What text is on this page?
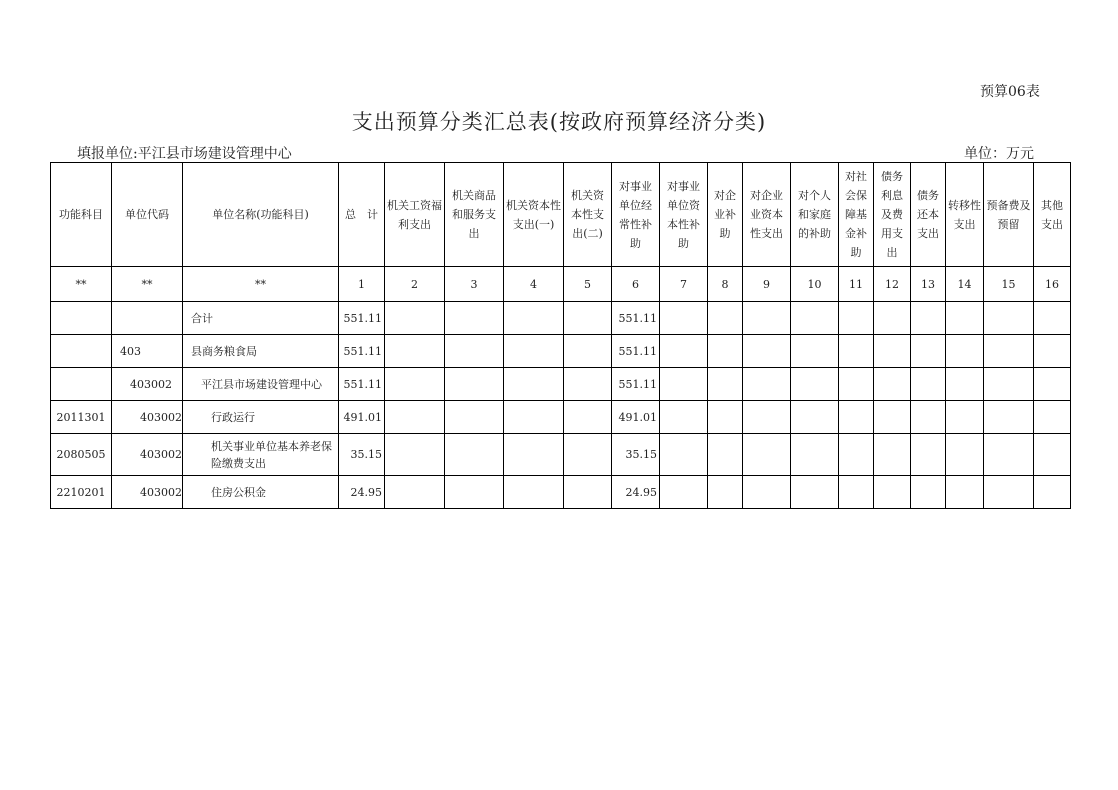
预算06表
支出预算分类汇总表(按政府预算经济分类)
填报单位:平江县市场建设管理中心	单位：万元
功能科目	单位代码	单位名称(功能科目)	总　计	机关工资福利支出	机关商品和服务支出	机关资本性支出(一)	机关资本性支出(二)	对事业单位经常性补助	对事业单位资本性补助	对企业补助	对企业业资本性支出	对个人和家庭的补助	对社会保障基金补助	债务利息及费用支出	债务还本支出	转移性支出	预备费及预留	其他支出
**	**	**	1	2	3	4	5	6	7	8	9	10	11	12	13	14	15	16
		合计	551.11					551.11										
	403	县商务粮食局	551.11					551.11										
	403002	平江县市场建设管理中心	551.11					551.11										
2011301	403002	行政运行	491.01					491.01										
2080505	403002	机关事业单位基本养老保险缴费支出	35.15					35.15										
2210201	403002	住房公积金	24.95					24.95										
